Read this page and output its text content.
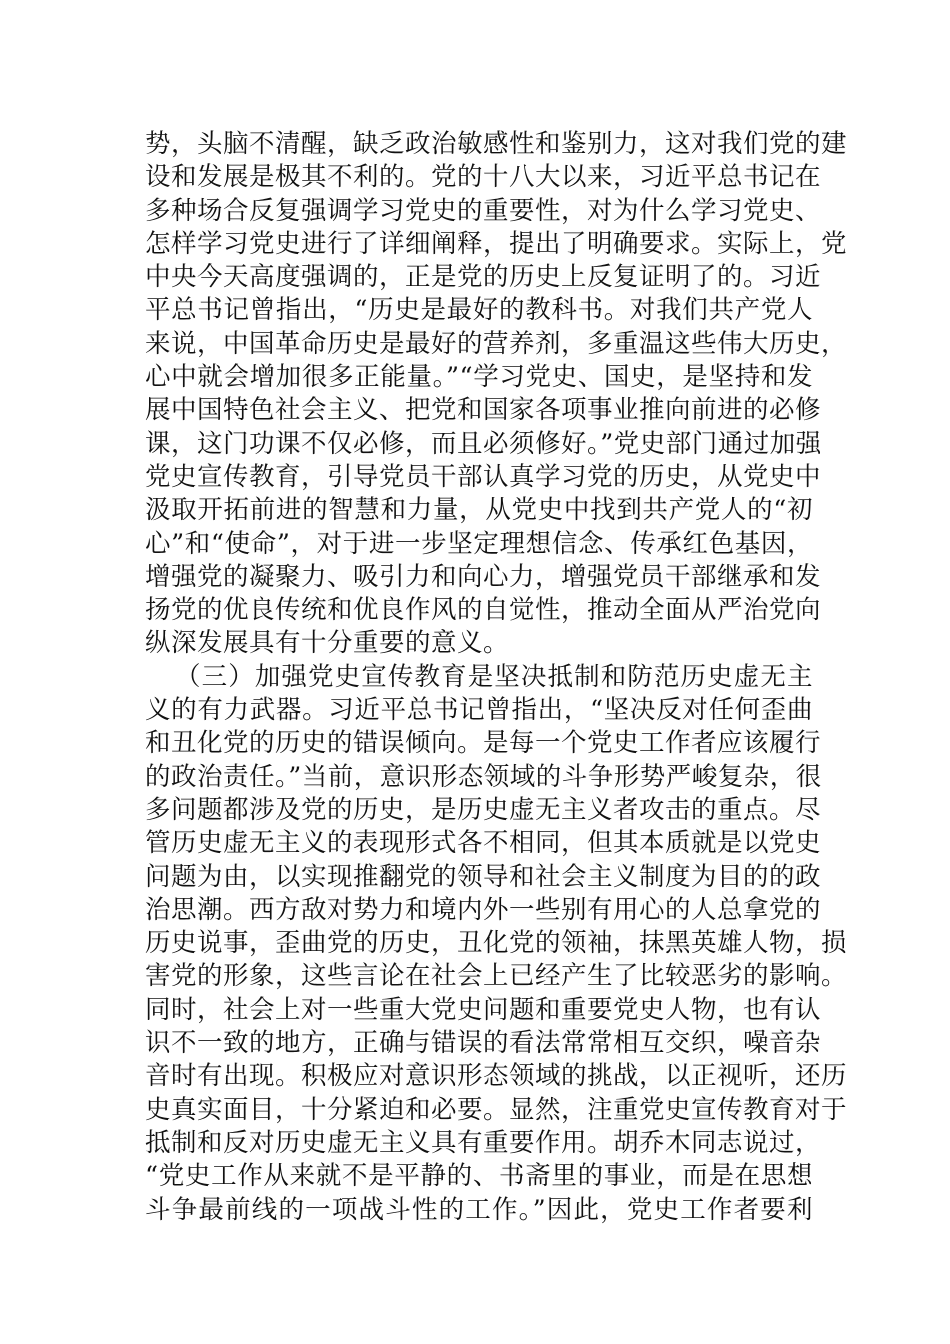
势，头脑不清醒，缺乏政治敏感性和鉴别力，这对我们党的建
设和发展是极其不利的。党的十八大以来，习近平总书记在
多种场合反复强调学习党史的重要性，对为什么学习党史、
怎样学习党史进行了详细阐释，提出了明确要求。实际上，党
中央今天高度强调的，正是党的历史上反复证明了的。习近
平总书记曾指出，“历史是最好的教科书。对我们共产党人
来说，中国革命历史是最好的营养剂，多重温这些伟大历史，
心中就会增加很多正能量。”“学习党史、国史，是坚持和发
展中国特色社会主义、把党和国家各项事业推向前进的必修
课，这门功课不仅必修，而且必须修好。”党史部门通过加强
党史宣传教育，引导党员干部认真学习党的历史，从党史中
汲取开拓前进的智慧和力量，从党史中找到共产党人的“初
心”和“使命”，对于进一步坚定理想信念、传承红色基因，
增强党的凝聚力、吸引力和向心力，增强党员干部继承和发
扬党的优良传统和优良作风的自觉性，推动全面从严治党向
纵深发展具有十分重要的意义。
（三）加强党史宣传教育是坚决抵制和防范历史虚无主
义的有力武器。习近平总书记曾指出，“坚决反对任何歪曲
和丑化党的历史的错误倾向。是每一个党史工作者应该履行
的政治责任。”当前，意识形态领域的斗争形势严峻复杂，很
多问题都涉及党的历史，是历史虚无主义者攻击的重点。尽
管历史虚无主义的表现形式各不相同，但其本质就是以党史
问题为由，以实现推翻党的领导和社会主义制度为目的的政
治思潮。西方敌对势力和境内外一些别有用心的人总拿党的
历史说事，歪曲党的历史，丑化党的领袖，抹黑英雄人物，损
害党的形象，这些言论在社会上已经产生了比较恶劣的影响。
同时，社会上对一些重大党史问题和重要党史人物，也有认
识不一致的地方，正确与错误的看法常常相互交织，噪音杂
音时有出现。积极应对意识形态领域的挑战，以正视听，还历
史真实面目，十分紧迫和必要。显然，注重党史宣传教育对于
抵制和反对历史虚无主义具有重要作用。胡乔木同志说过，
“党史工作从来就不是平静的、书斋里的事业，而是在思想
斗争最前线的一项战斗性的工作。”因此，党史工作者要利
